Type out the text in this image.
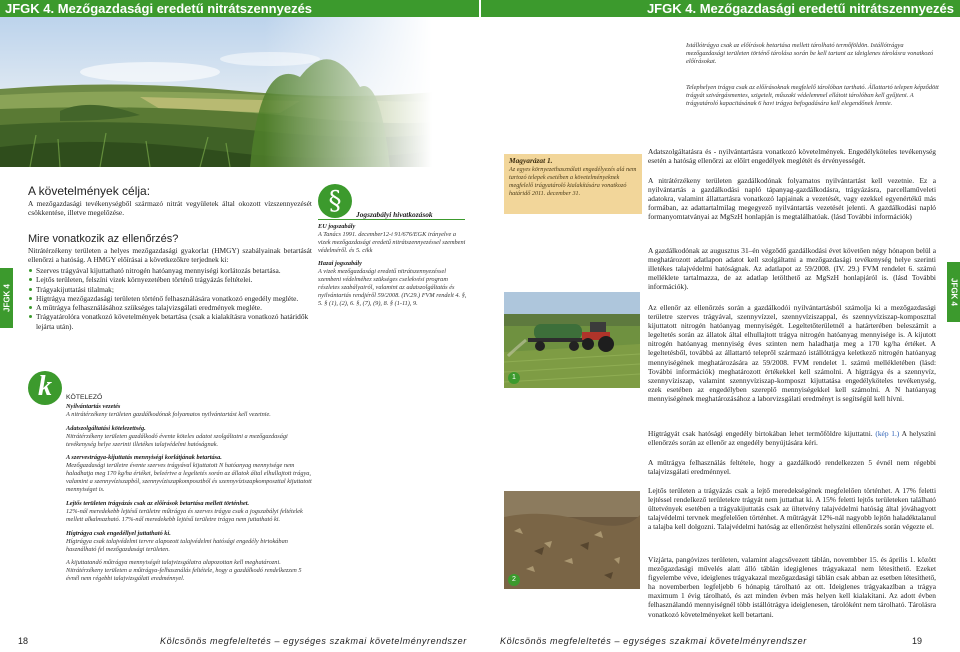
JFGK 4. Mezőgazdasági eredetű nitrátszennyezés	JFGK 4. Mezőgazdasági eredetű nitrátszennyezés
Istállótrágya csak az előírások betartása mellett tárolható termőföldön. Istállótrágya mezőgazdasági területen történő tárolása során be kell tartani az ideiglenes tárolásra vonatkozó előírásokat.
Telephelyen trágya csak az előírásoknak megfelelő tárolóban tartható. Állattartó telepen képződött trágyát szivárgásmentes, szigetelt, műszaki védelemmel ellátott tárolóban kell gyűjteni. A trágyatároló kapacitásának 6 havi trágya befogadására kell elegendőnek lennie.
JFGK 4	JFGK 4
A követelmények célja:
A mezőgazdasági tevékenységből származó nitrát vegyületek által okozott vízszennyezését csökkentése, illetve megelőzése.
Mire vonatkozik az ellenőrzés?
Nitrátérzékeny területen a helyes mezőgazdasági gyakorlat (HMGY) szabályainak betartását ellenőrzi a hatóság. A HMGY előírásai a következőkre terjednek ki:
Szerves trágyával kijuttatható nitrogén hatóanyag mennyiségi korlátozás betartása.
Lejtős területen, felszíni vizek környezetében történő trágyázás feltételei.
Trágyakijuttatási tilalmak;
Hígtrágya mezőgazdasági területen történő felhasználására vonatkozó engedély megléte.
A műtrágya felhasználásához szükséges talajvizsgálati eredmények megléte.
Trágyatárolóra vonatkozó követelmények betartása (csak a kialakításra vonatkozó határidők lejárta után).
k	KÖTELEZŐ
Nyilvántartás vezetés
A nitrátérzékeny területen gazdálkodónak folyamatos nyilvántartást kell vezetnie.
Adatszolgáltatási kötelezettség.
Nitrátérzékeny területen gazdálkodó évente köteles adatot szolgáltatni a mezőgazdasági tevékenység helye szerinti illetékes talajvédelmi hatóságnak.
A szervestrágya-kijuttatás mennyiségi korlátjának betartása.
Mezőgazdasági területre évente szerves trágyával kijuttatott N hatóanyag mennyisége nem haladhatja meg 170 kg/ha értéket, beleértve a legeltetés során az állatok által elhullajtott trágya, valamint a szennyvíziszapból, szennyvíziszapkomposztból és szennyvíziszapkomposzttal kijuttatott mennyiséget is.
Lejtős területen trágyázás csak az előírások betartása mellett történhet.
12%-nál meredekebb lejtésű területre műtrágya és szerves trágya csak a jogszabályi feltételek mellett alkalmazható. 17%-nál meredekebb lejtésű területre trágya nem juttatható ki.
Hígtrágya csak engedéllyel juttatható ki.
Hígtrágya csak talajvédelmi tervre alapozott talajvédelmi hatósági engedély birtokában használható fel mezőgazdasági területen.
A kijuttatandó műtrágya mennyiségét talajvizsgálatra alapozottan kell meghatározni. Nitrátérzékeny területen a műtrágya-felhasználás feltétele, hogy a gazdálkodó rendelkezzen 5 évnél nem régebbi talajvizsgálati eredménnyel.
§	Jogszabályi hivatkozások
EU jogszabály
A Tanács 1991. december12-i 91/676/EGK irányelve a vizek mezőgazdasági eredetű nitrátszennyezéssel szembeni védelméről. és 5. cikk
Hazai jogszabály
A vizek mezőgazdasági eredetű nitrátszennyezéssel szembeni védelméhez szükséges cselekvési program részletes szabályairól, valamint az adatszolgáltatás és nyilvántartás rendjéről 59/2008. (IV.29.) FVM rendelt 4. §, 5. § (1), (2), 6. §, (7), (9), 8. § (1-11), 9.
Magyarázat 1.
Az egyes környezethasználati engedélyezés alá nem tartozó telepek esetében a követelményeknek megfelelő trágyatároló kialakítására vonatkozó határidő 2011. december 31.
1
2
Adatszolgáltatásra és - nyilvántartásra vonatkozó követelmények. Engedélyköteles tevékenység esetén a hatóság ellenőrzi az előírt engedélyek meglétét és érvényességét.
A nitrátérzékeny területen gazdálkodónak folyamatos nyilvántartást kell vezetnie. Ez a nyilvántartás a gazdálkodási napló tápanyag-gazdálkodásra, trágyázásra, parcellaműveleti adatokra, valamint állattartásra vonatkozó lapjainak a vezetését, vagy ezekkel egyenértékű más formában, az adattartalmilag megegyező nyilvántartás vezetését jelenti. A gazdálkodási napló formanyomtatványai az MgSzH honlapján is megtalálhatóak. (lásd További információk)
A gazdálkodónak az augusztus 31–én végződő gazdálkodási évet követően négy hónapon belül a meghatározott adatlapon adatot kell szolgáltatni a mezőgazdasági tevékenység helye szerinti illetékes talajvédelmi hatóságnak. Az adatlapot az 59/2008. (IV. 29.) FVM rendelet 6. számú melléklete tartalmazza, de az adatlap letölthető az MgSzH honlapjáról is. (lásd További információk).
Az ellenőr az ellenőrzés során a gazdálkodói nyilvántartásból számolja ki a mezőgazdasági területre szerves trágyával, szennyvízzel, szennyvíziszappal, és szennyvíziszap-komposzttal kijuttatott nitrogén hatóanyag mennyiségét. Legeltetőterületnél a határterében beleszámít a legeltetés során az állatok által elhullajtott trágya nitrogén hatóanyag mennyisége is. A kijutott nitrogén hatóanyag mennyiség éves szinten nem haladhatja meg a 170 kg/ha értéket. A legeltetésből, továbbá az állattartó telepről származó istállótrágya keletkező nitrogén hatóanyag mennyiségének meghatározására az 59/2008. FVM rendelet 1. számú mellékletében (lásd: További információk) meghatározott értékekkel kell számolni. A hígtrágya és a szennyvíz, szennyvíziszap, valamint szennyvíziszap-komposzt kijuttatása engedélyköteles tevékenység, ezek esetében az engedélyben szereplő mennyiségekkel kell számolni. A N hatóanyag mennyiségének meghatározásához a laborvizsgálati eredményt is segítségül kell hívni.
Hígtrágyát csak hatósági engedély birtokában lehet termőföldre kijuttatni. (kép 1.) A helyszíni ellenőrzés során az ellenőr az engedély benyújtására kéri.
A műtrágya felhasználás feltétele, hogy a gazdálkodó rendelkezzen 5 évnél nem régebbi talajvizsgálati eredménnyel.
Lejtős területen a trágyázás csak a lejtő meredekségének megfelelően történhet. A 17% feletti lejtéssel rendelkező területekre trágyát nem juttathat ki. A 15% feletti lejtős területeken található ültetvények esetében a trágyakijuttatás csak az ültetvény talajvédelmi hatóság által jóváhagyott talajvédelmi tervnek megfelelően történhet. A műtrágyát 12%-nál nagyobb lejtőn haladéktalanul a talajba kell dolgozni. Talajvédelmi hatóság az ellenőrzést helyszíni ellenőrzés során végezte el.
Vízjárta, pangóvizes területen, valamint alagcsővezett táblán, novembber 15. és április 1. között mezőgazdasági művelés alatt álló táblán idegiglenes trágyakazal nem létesíthető. Ezeket figyelembe véve, ideiglenes trágyakazal mezőgazdasági táblán csak abban az esetben létesíthető, ha novemberben legfeljebb 6 hónapig tárolható az ott. Ideiglenes trágyakazlban a trágya maximum 1 évig tárolható, és azt minden évben más helyen kell kialakítani. Az adott évben felhasználandó mennyiségnél több istállótrágya ideiglenesen, tárolóként nem tárolható. Tárolásra vonatkozó követelményeket kell betartani.
18	Kölcsönös megfeleltetés – egységes szakmai követelményrendszer	Kölcsönös megfeleltetés – egységes szakmai követelményrendszer	19
